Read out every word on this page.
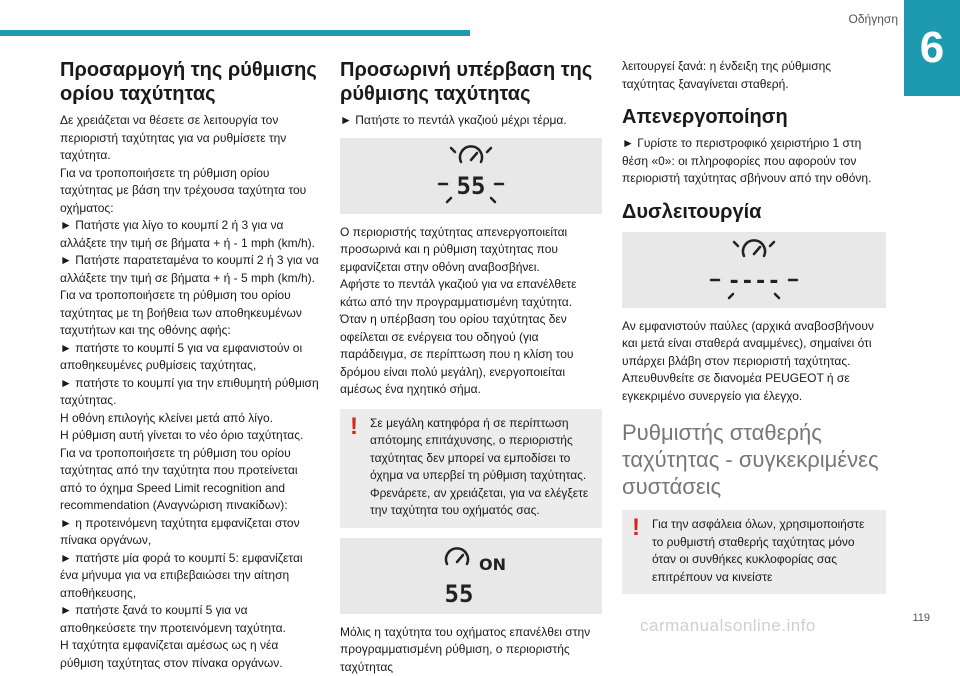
Οδήγηση
6
Προσαρμογή της ρύθμισης ορίου ταχύτητας

Δε χρειάζεται να θέσετε σε λειτουργία τον περιοριστή ταχύτητας για να ρυθμίσετε την ταχύτητα.

Για να τροποποιήσετε τη ρύθμιση ορίου ταχύτητας με βάση την τρέχουσα ταχύτητα του οχήματος:

► Πατήστε για λίγο το κουμπί 2 ή 3 για να αλλάξετε την τιμή σε βήματα + ή - 1 mph (km/h).

► Πατήστε παρατεταμένα το κουμπί 2 ή 3 για να αλλάξετε την τιμή σε βήματα + ή - 5 mph (km/h).

Για να τροποποιήσετε τη ρύθμιση του ορίου ταχύτητας με τη βοήθεια των αποθηκευμένων ταχυτήτων και της οθόνης αφής:

► πατήστε το κουμπί 5 για να εμφανιστούν οι αποθηκευμένες ρυθμίσεις ταχύτητας,

► πατήστε το κουμπί για την επιθυμητή ρύθμιση ταχύτητας.

Η οθόνη επιλογής κλείνει μετά από λίγο.

Η ρύθμιση αυτή γίνεται το νέο όριο ταχύτητας.

Για να τροποποιήσετε τη ρύθμιση του ορίου ταχύτητας από την ταχύτητα που προτείνεται από το όχημα Speed Limit recognition and recommendation (Αναγνώριση πινακίδων):

► η προτεινόμενη ταχύτητα εμφανίζεται στον πίνακα οργάνων,

► πατήστε μία φορά το κουμπί 5: εμφανίζεται ένα μήνυμα για να επιβεβαιώσει την αίτηση αποθήκευσης,

► πατήστε ξανά το κουμπί 5 για να αποθηκεύσετε την προτεινόμενη ταχύτητα.

Η ταχύτητα εμφανίζεται αμέσως ως η νέα ρύθμιση ταχύτητας στον πίνακα οργάνων.

Προσωρινή υπέρβαση της ρύθμισης ταχύτητας

► Πατήστε το πεντάλ γκαζιού μέχρι τέρμα.

55

Ο περιοριστής ταχύτητας απενεργοποιείται προσωρινά και η ρύθμιση ταχύτητας που εμφανίζεται στην οθόνη αναβοσβήνει.

Αφήστε το πεντάλ γκαζιού για να επανέλθετε κάτω από την προγραμματισμένη ταχύτητα.

Όταν η υπέρβαση του ορίου ταχύτητας δεν οφείλεται σε ενέργεια του οδηγού (για παράδειγμα, σε περίπτωση που η κλίση του δρόμου είναι πολύ μεγάλη), ενεργοποιείται αμέσως ένα ηχητικό σήμα.

! Σε μεγάλη κατηφόρα ή σε περίπτωση απότομης επιτάχυνσης, ο περιοριστής ταχύτητας δεν μπορεί να εμποδίσει το όχημα να υπερβεί τη ρύθμιση ταχύτητας.

Φρενάρετε, αν χρειάζεται, για να ελέγξετε την ταχύτητα του οχήματός σας.

ON
55

Μόλις η ταχύτητα του οχήματος επανέλθει στην προγραμματισμένη ρύθμιση, ο περιοριστής ταχύτητας

λειτουργεί ξανά: η ένδειξη της ρύθμισης ταχύτητας ξαναγίνεται σταθερή.

Απενεργοποίηση

► Γυρίστε το περιστροφικό χειριστήριο 1 στη θέση «0»: οι πληροφορίες που αφορούν τον περιοριστή ταχύτητας σβήνουν από την οθόνη.

Δυσλειτουργία
----

Αν εμφανιστούν παύλες (αρχικά αναβοσβήνουν και μετά είναι σταθερά αναμμένες), σημαίνει ότι υπάρχει βλάβη στον περιοριστή ταχύτητας.

Απευθυνθείτε σε διανομέα PEUGEOT ή σε εγκεκριμένο συνεργείο για έλεγχο.

Ρυθμιστής σταθερής ταχύτητας - συγκεκριμένες συστάσεις
! Για την ασφάλεια όλων, χρησιμοποιήστε το ρυθμιστή σταθερής ταχύτητας μόνο όταν οι συνθήκες κυκλοφορίας σας επιτρέπουν να κινείστε

carmanualsonline.info	119
